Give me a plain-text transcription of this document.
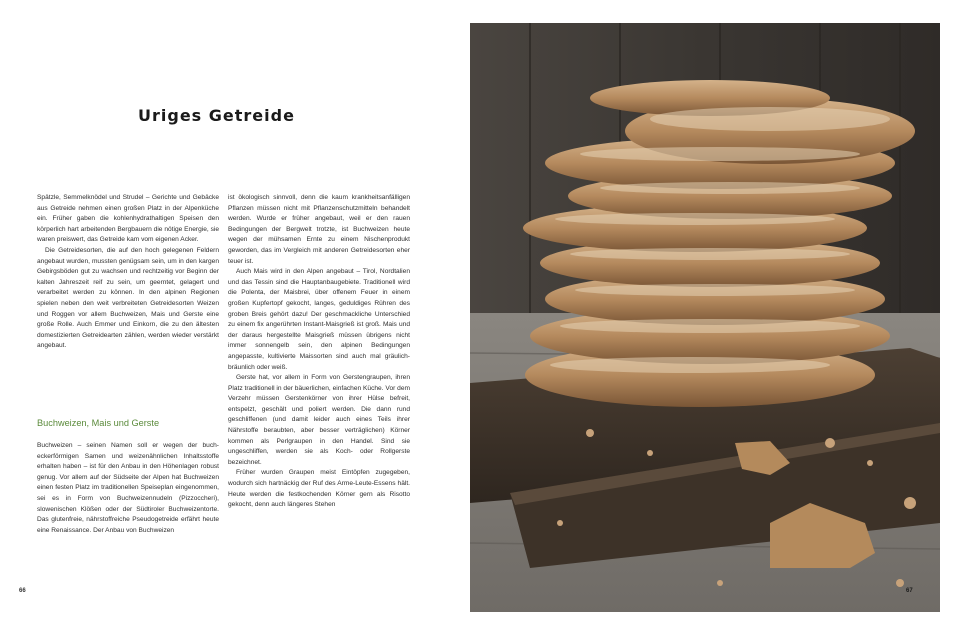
Uriges Getreide

Spätzle, Semmelknödel und Strudel – Gerichte und Gebäcke aus Getreide nehmen einen großen Platz in der Alpenküche ein. Früher gaben die kohlenhydrathaltigen Speisen den körperlich hart arbeitenden Bergbauern die nötige Energie, sie waren preiswert, das Getreide kam vom eigenen Acker.

Die Getreidesorten, die auf den hoch gelegenen Feldern angebaut wurden, mussten genügsam sein, um in den kargen Gebirgsböden gut zu wachsen und rechtzeitig vor Beginn der kalten Jahreszeit reif zu sein, um geerntet, gelagert und verarbeitet werden zu können. In den alpinen Regionen spielen neben den weit verbreiteten Getreidesorten Weizen und Roggen vor allem Buchweizen, Mais und Gerste eine große Rolle. Auch Emmer und Einkorn, die zu den ältesten domestizierten Getreidearten zählen, werden wieder verstärkt angebaut.

Buchweizen, Mais und Gerste

Buchweizen – seinen Namen soll er wegen der bucheckerförmigen Samen und weizenähnlichen Inhaltsstoffe erhalten haben – ist für den Anbau in den Höhenlagen robust genug. Vor allem auf der Südseite der Alpen hat Buchweizen einen festen Platz im traditionellen Speiseplan eingenommen, sei es in Form von Buchweizennudeln (Pizzoccheri), slowenischen Klößen oder der Südtiroler Buchweizentorte. Das glutenfreie, nährstoffreiche Pseudogetreide erfährt heute eine Renaissance. Der Anbau von Buchweizen

ist ökologisch sinnvoll, denn die kaum krankheitsanfälligen Pflanzen müssen nicht mit Pflanzenschutzmitteln behandelt werden. Wurde er früher angebaut, weil er den rauen Bedingungen der Bergwelt trotzte, ist Buchweizen heute wegen der mühsamen Ernte zu einem Nischenprodukt geworden, das im Vergleich mit anderen Getreidesorten eher teuer ist.

Auch Mais wird in den Alpen angebaut – Tirol, Nordtalien und das Tessin sind die Hauptanbaugebiete. Traditionell wird die Polenta, der Maisbrei, über offenem Feuer in einem großen Kupfertopf gekocht, langes, geduldiges Rühren des groben Breis gehört dazu! Der geschmackliche Unterschied zu einem fix angerührten Instant-Maisgrieß ist groß. Mais und der daraus hergestellte Maisgrieß müssen übrigens nicht immer sonnengelb sein, den alpinen Bedingungen angepasste, kultivierte Maissorten sind auch mal gräulich-bräunlich oder weiß.

Gerste hat, vor allem in Form von Gerstengraupen, ihren Platz traditionell in der bäuerlichen, einfachen Küche. Vor dem Verzehr müssen Gerstenkörner von ihrer Hülse befreit, entspelzt, geschält und poliert werden. Die dann rund geschliffenen (und damit leider auch eines Teils ihrer Nährstoffe beraubten, aber besser verträglichen) Körner kommen als Perlgraupen in den Handel. Sind sie ungeschliffen, werden sie als Koch- oder Rollgerste bezeichnet.

Früher wurden Graupen meist Eintöpfen zugegeben, wodurch sich hartnäckig der Ruf des Arme-Leute-Essens hält. Heute werden die festkochenden Körner gern als Risotto gekocht, denn auch längeres Stehen

66	67
